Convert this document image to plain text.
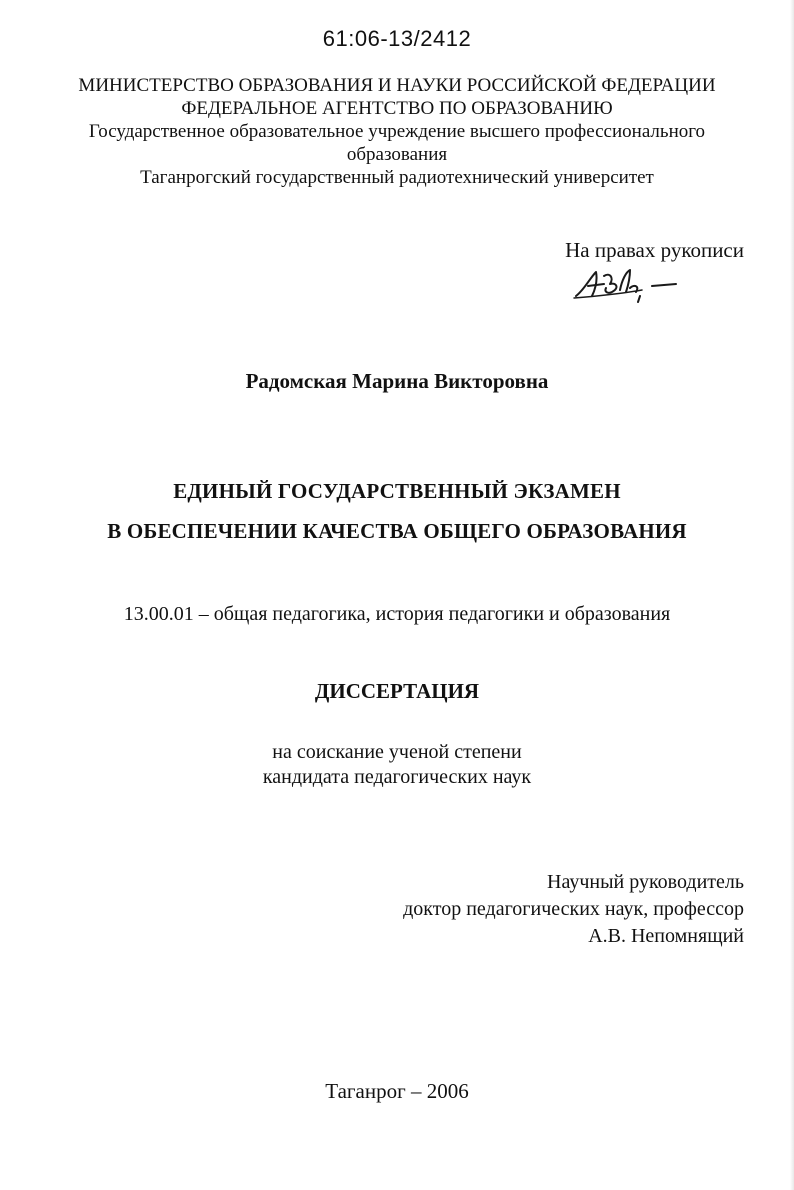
61:06-13/2412
МИНИСТЕРСТВО ОБРАЗОВАНИЯ И НАУКИ РОССИЙСКОЙ ФЕДЕРАЦИИ
ФЕДЕРАЛЬНОЕ АГЕНТСТВО ПО ОБРАЗОВАНИЮ
Государственное образовательное учреждение высшего профессионального
образования
Таганрогский государственный радиотехнический университет
На правах рукописи
Радомская Марина Викторовна
ЕДИНЫЙ ГОСУДАРСТВЕННЫЙ ЭКЗАМЕН
В ОБЕСПЕЧЕНИИ КАЧЕСТВА ОБЩЕГО ОБРАЗОВАНИЯ
13.00.01 – общая педагогика, история педагогики и образования
ДИССЕРТАЦИЯ
на соискание ученой степени
кандидата педагогических наук
Научный руководитель
доктор педагогических наук, профессор
А.В. Непомнящий
Таганрог – 2006
